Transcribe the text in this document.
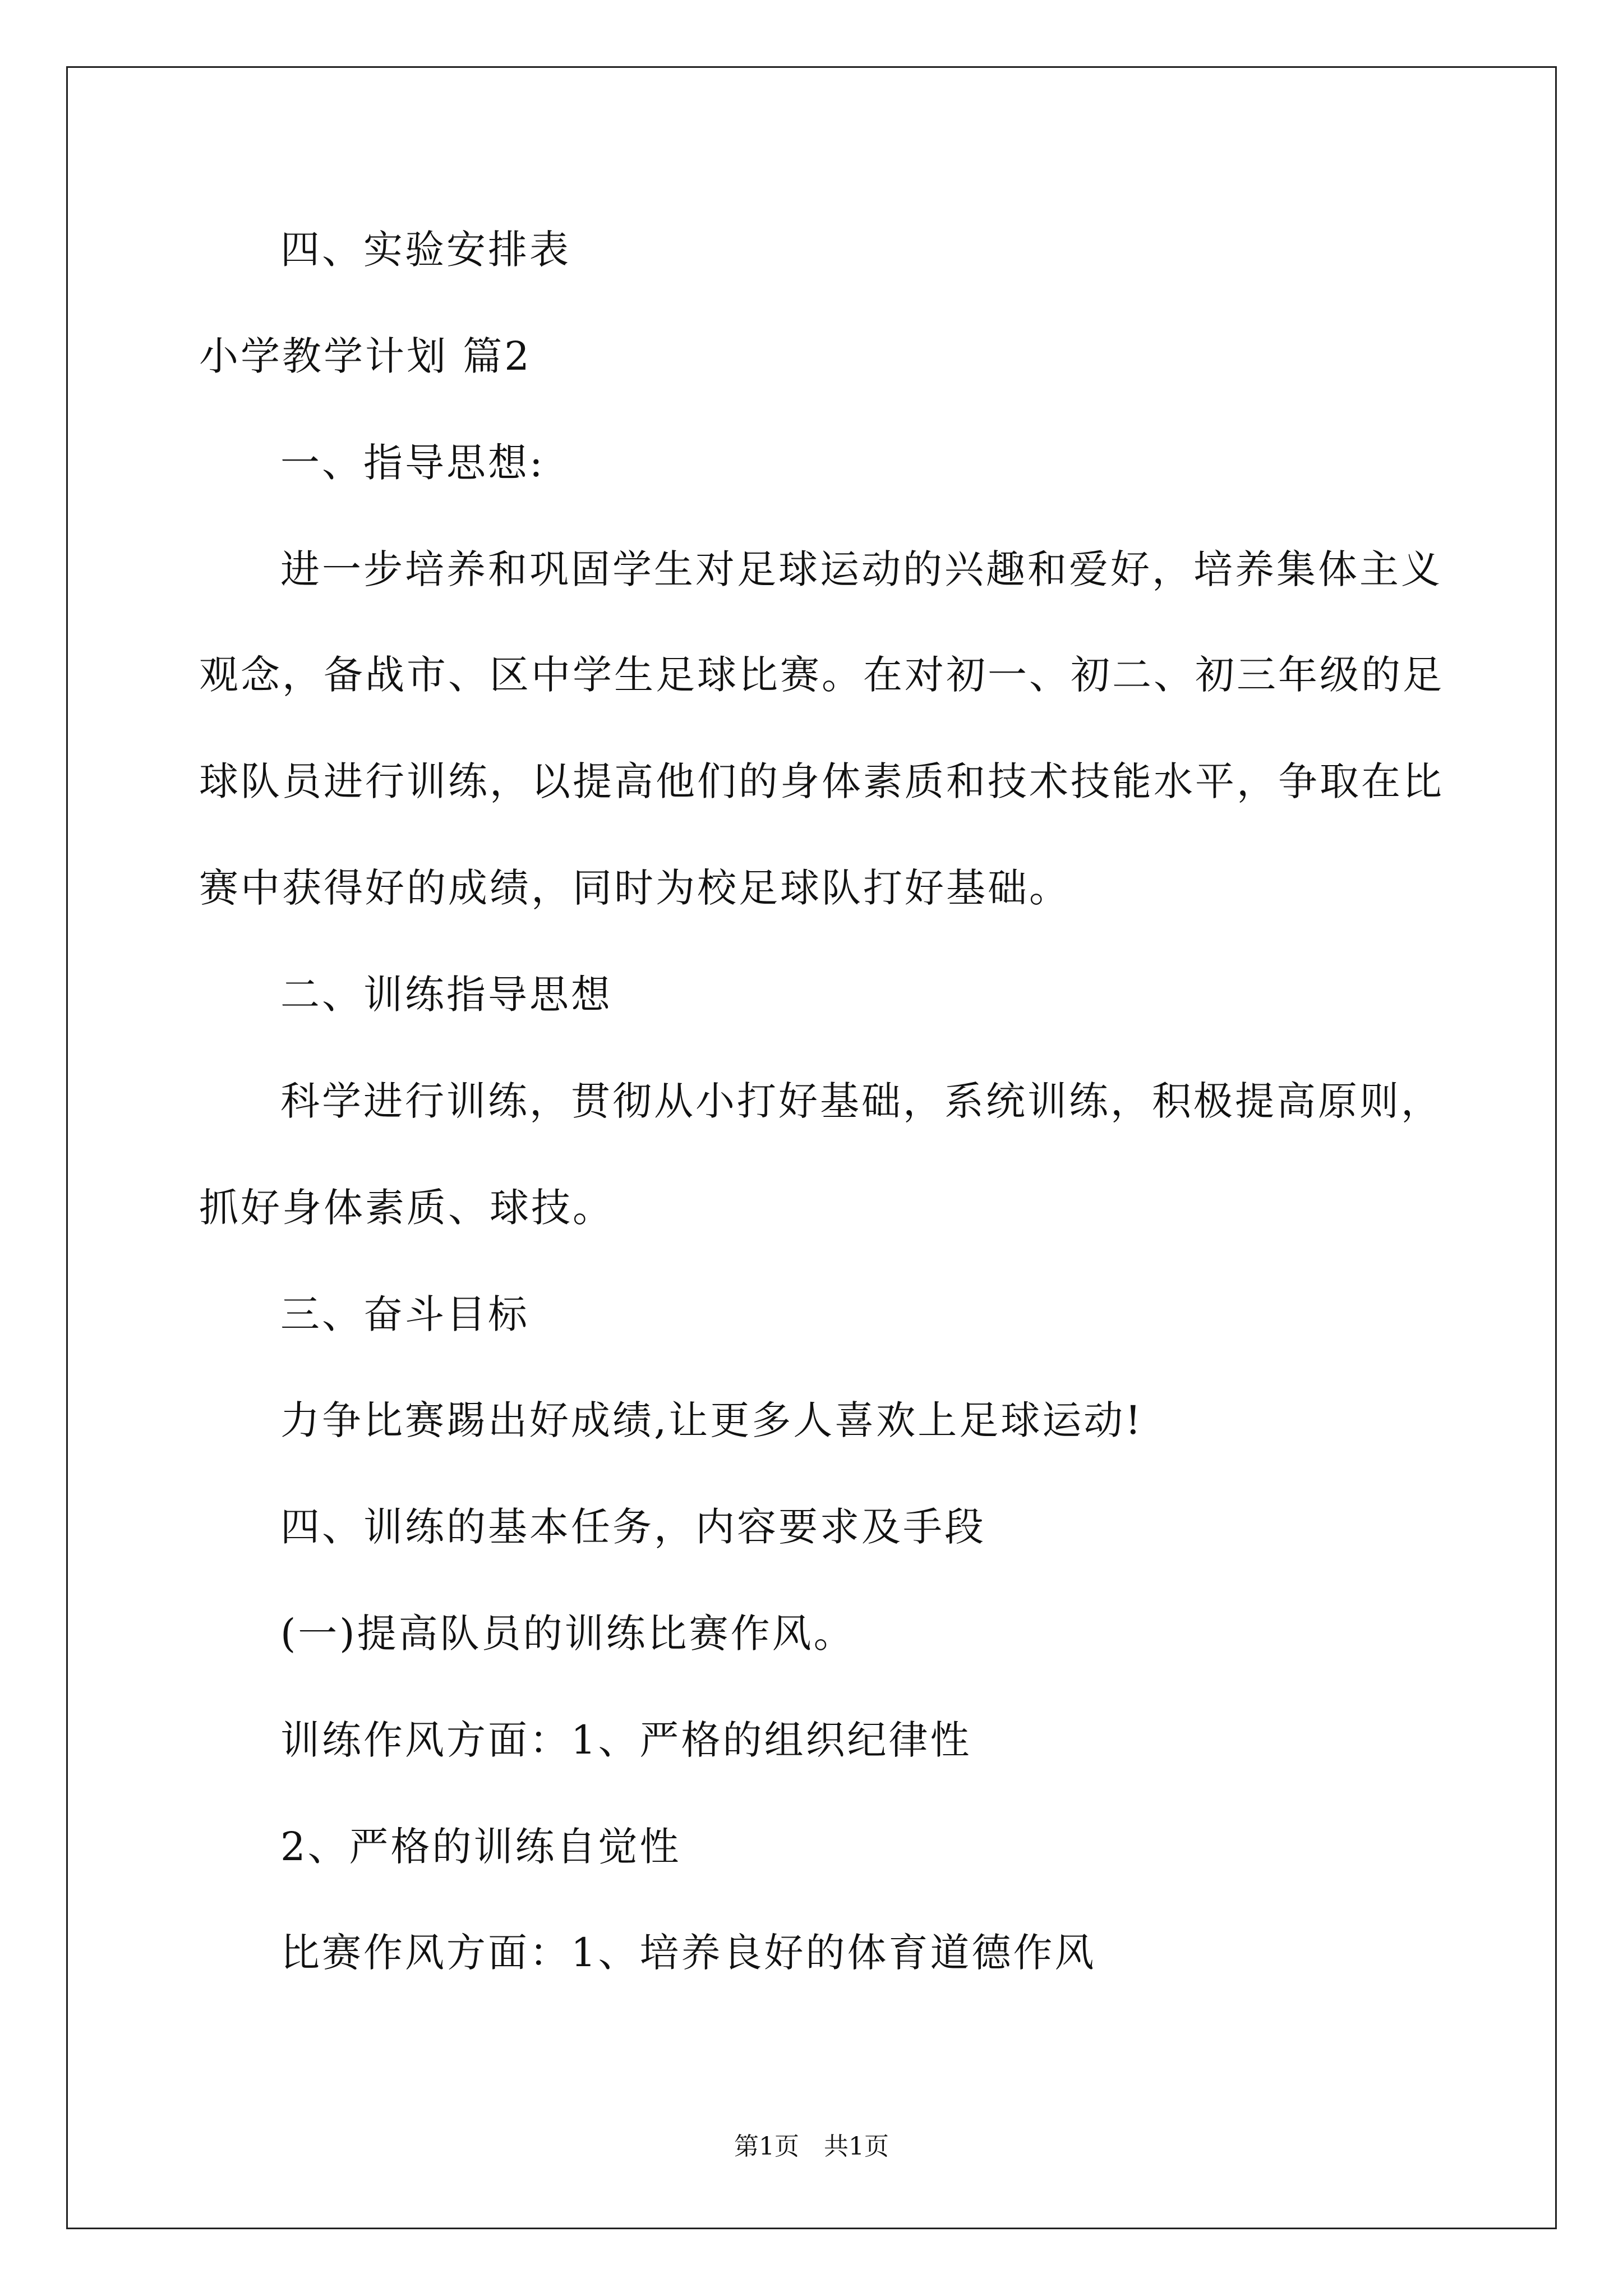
四、实验安排表
小学教学计划 篇2
一、指导思想:
进一步培养和巩固学生对足球运动的兴趣和爱好，培养集体主义
观念，备战市、区中学生足球比赛。在对初一、初二、初三年级的足
球队员进行训练，以提高他们的身体素质和技术技能水平，争取在比
赛中获得好的成绩，同时为校足球队打好基础。
二、训练指导思想
科学进行训练，贯彻从小打好基础，系统训练，积极提高原则，
抓好身体素质、球技。
三、奋斗目标
力争比赛踢出好成绩,让更多人喜欢上足球运动!
四、训练的基本任务，内容要求及手段
(一)提高队员的训练比赛作风。
训练作风方面：1、严格的组织纪律性
2、严格的训练自觉性
比赛作风方面：1、培养良好的体育道德作风
第1页　共1页
